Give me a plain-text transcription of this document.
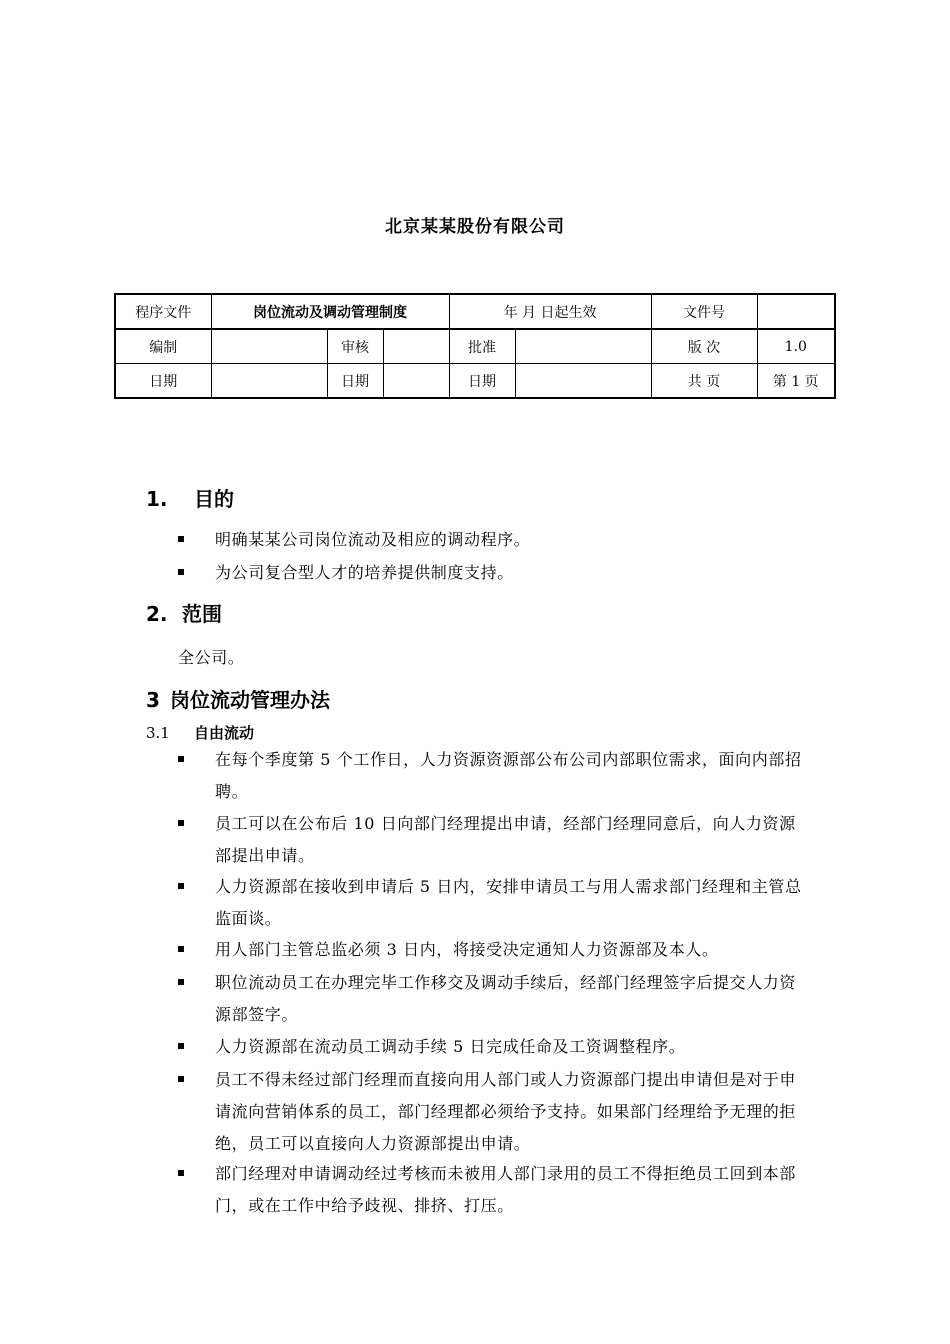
北京某某股份有限公司
程序文件	岗位流动及调动管理制度			年 月 日起生效		文件号	
编制		审核		批准		版 次	1.0
日期		日期		日期		共 页	第 1 页
1. 目的
明确某某公司岗位流动及相应的调动程序。
为公司复合型人才的培养提供制度支持。
2. 范围
全公司。
3 岗位流动管理办法
3.1 自由流动
在每个季度第 5 个工作日，人力资源资源部公布公司内部职位需求，面向内部招聘。
员工可以在公布后 10 日向部门经理提出申请，经部门经理同意后，向人力资源部提出申请。
人力资源部在接收到申请后 5 日内，安排申请员工与用人需求部门经理和主管总监面谈。
用人部门主管总监必须 3 日内，将接受决定通知人力资源部及本人。
职位流动员工在办理完毕工作移交及调动手续后，经部门经理签字后提交人力资源部签字。
人力资源部在流动员工调动手续 5 日完成任命及工资调整程序。
员工不得未经过部门经理而直接向用人部门或人力资源部门提出申请但是对于申请流向营销体系的员工，部门经理都必须给予支持。如果部门经理给予无理的拒绝，员工可以直接向人力资源部提出申请。
部门经理对申请调动经过考核而未被用人部门录用的员工不得拒绝员工回到本部门，或在工作中给予歧视、排挤、打压。
